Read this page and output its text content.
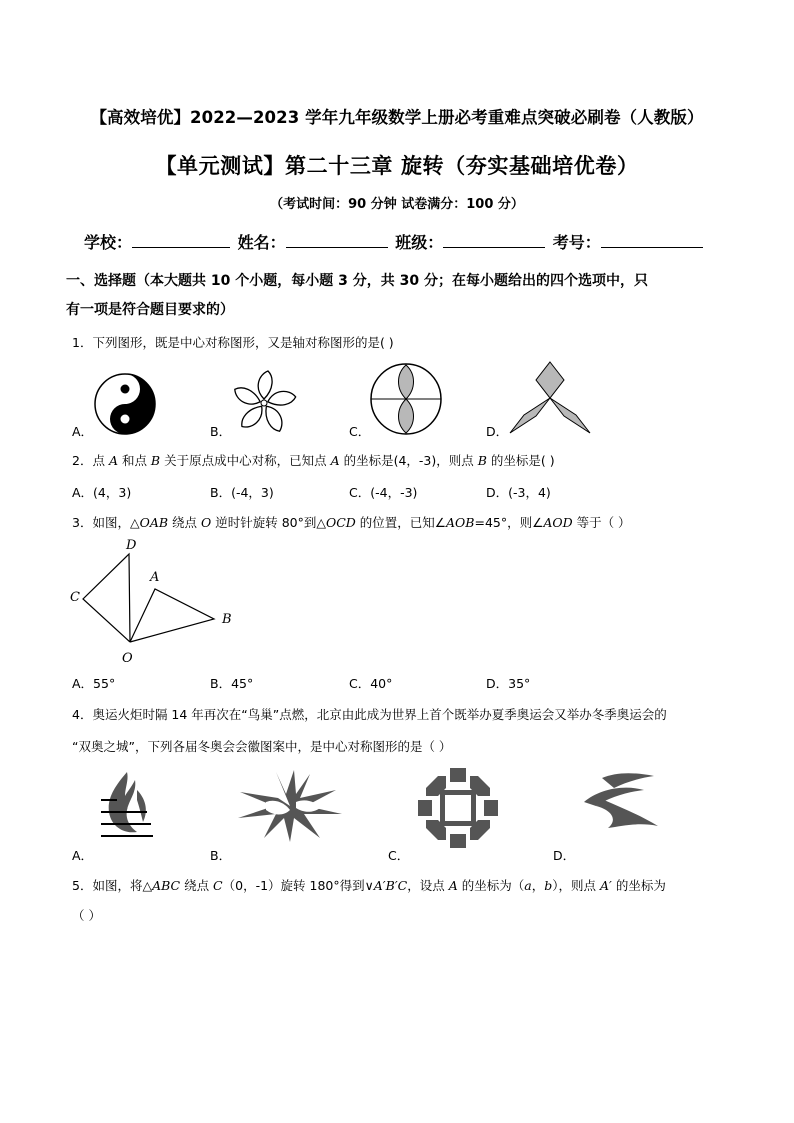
【高效培优】2022—2023 学年九年级数学上册必考重难点突破必刷卷（人教版）
【单元测试】第二十三章 旋转（夯实基础培优卷）
（考试时间：90 分钟 试卷满分：100 分）
学校：	姓名：	班级：	考号：
一、选择题（本大题共 10 个小题，每小题 3 分，共 30 分；在每小题给出的四个选项中，只
有一项是符合题目要求的）
1．下列图形，既是中心对称图形，又是轴对称图形的是( )
A．	B．	C．	D．
2．点 A 和点 B 关于原点成中心对称，已知点 A 的坐标是(4，-3)，则点 B 的坐标是( )
A．(4，3)	B．(-4，3)	C．(-4，-3)	D．(-3，4)
3．如图，△OAB 绕点 O 逆时针旋转 80°到△OCD 的位置，已知∠AOB=45°，则∠AOD 等于（ ）
D
A
C
B
O
A．55°	B．45°	C．40°	D．35°
4．奥运火炬时隔 14 年再次在“鸟巢”点燃，北京由此成为世界上首个既举办夏季奥运会又举办冬季奥运会的
“双奥之城”，下列各届冬奥会会徽图案中，是中心对称图形的是（ ）
A．	B．	C．	D．
5．如图，将△ABC 绕点 C（0，-1）旋转 180°得到∨A′B′C，设点 A 的坐标为（a，b），则点 A′ 的坐标为
（ ）
